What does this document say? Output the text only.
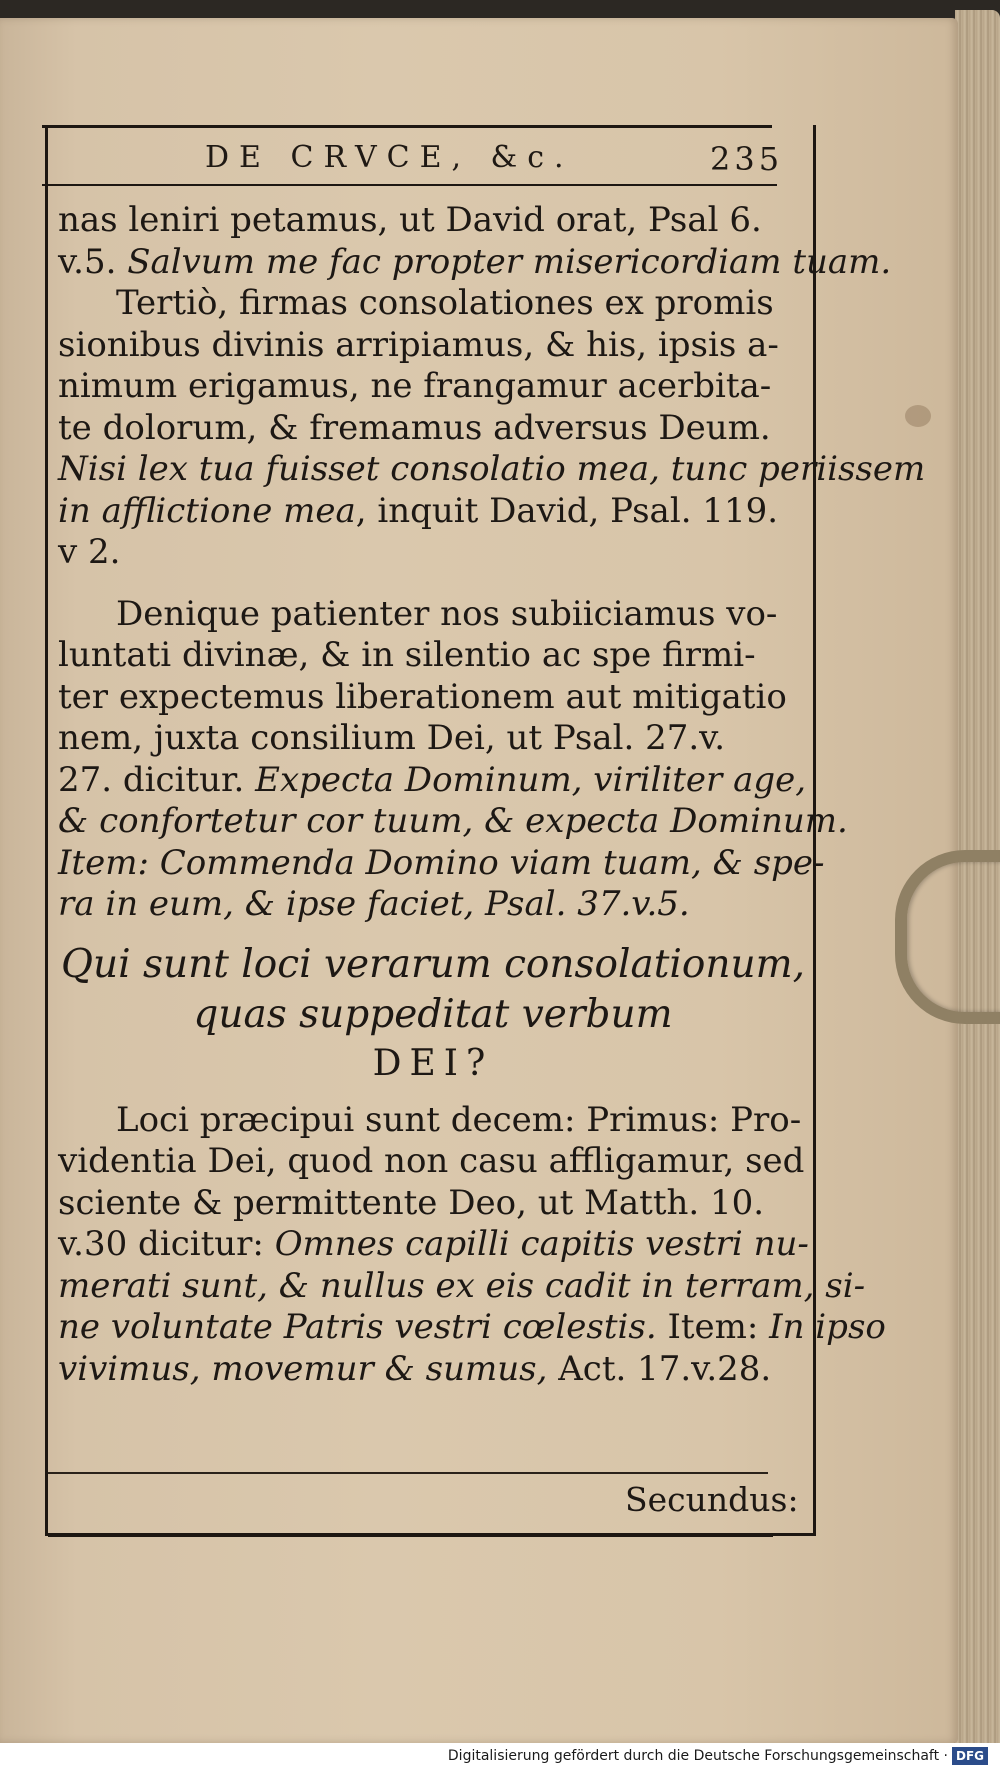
DE CRVCE, &c.	235
nas leniri petamus, ut David orat, Psal 6.
v.5. Salvum me fac propter misericordiam tuam.
Tertiò, firmas consolationes ex promis
sionibus divinis arripiamus, & his, ipsis a-
nimum erigamus, ne frangamur acerbita-
te dolorum, & fremamus adversus Deum.
Nisi lex tua fuisset consolatio mea, tunc periissem
in afflictione mea, inquit David, Psal. 119.
v 2.
Denique patienter nos subiiciamus vo-
luntati divinæ, & in silentio ac spe firmi-
ter expectemus liberationem aut mitigatio
nem, juxta consilium Dei, ut Psal. 27.v.
27. dicitur. Expecta Dominum, viriliter age,
& confortetur cor tuum, & expecta Dominum.
Item: Commenda Domino viam tuam, & spe-
ra in eum, & ipse faciet, Psal. 37.v.5.
Qui sunt loci verarum consolationum,
quas suppeditat verbum
DEI?
Loci præcipui sunt decem: Primus: Pro-
videntia Dei, quod non casu affligamur, sed
sciente & permittente Deo, ut Matth. 10.
v.30 dicitur: Omnes capilli capitis vestri nu-
merati sunt, & nullus ex eis cadit in terram, si-
ne voluntate Patris vestri cœlestis. Item: In ipso
vivimus, movemur & sumus, Act. 17.v.28.
Secundus:
Digitalisierung gefördert durch die Deutsche Forschungsgemeinschaft · DFG
